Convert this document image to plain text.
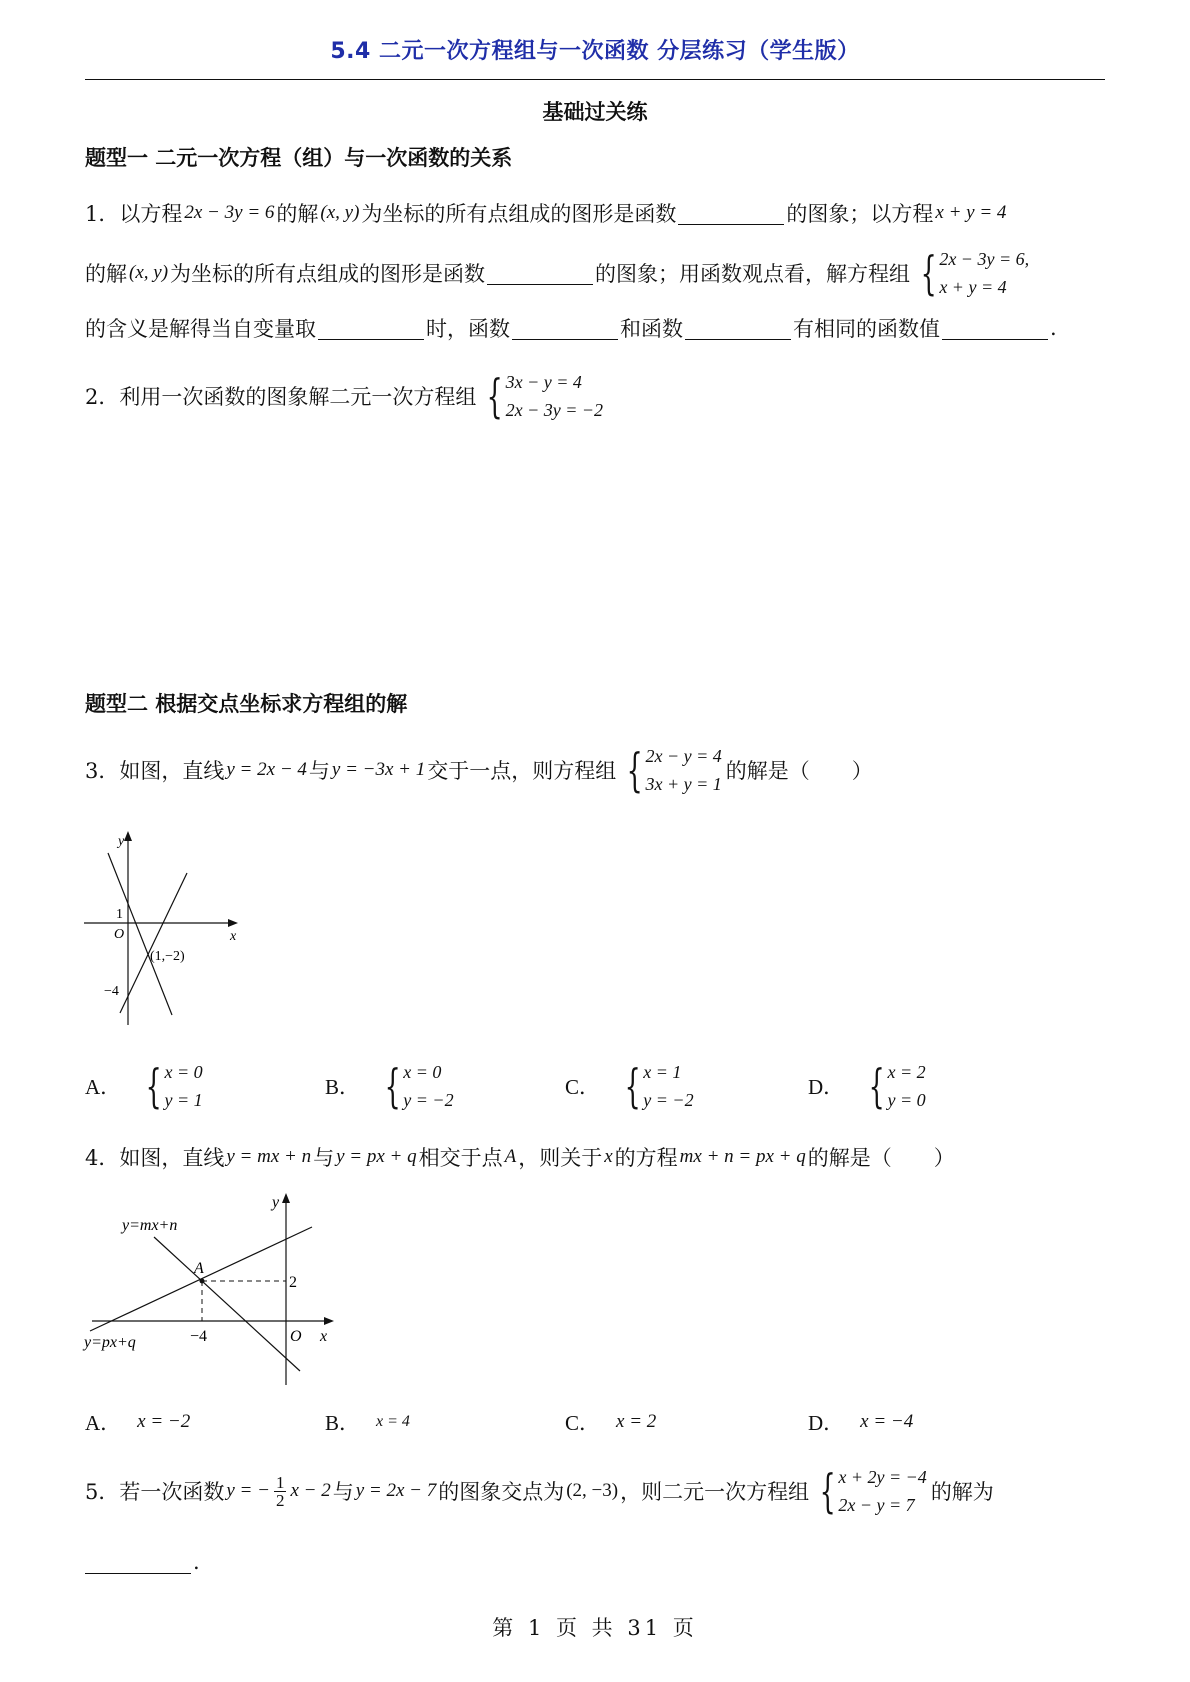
5.4 二元一次方程组与一次函数 分层练习（学生版）
基础过关练
题型一 二元一次方程（组）与一次函数的关系
1．以方程 2x − 3y = 6 的解 (x, y) 为坐标的所有点组成的图形是函数	的图象；以方程 x + y = 4
的解 (x, y) 为坐标的所有点组成的图形是函数	的图象；用函数观点看，解方程组 { 2x − 3y = 6,
x + y = 4
的含义是解得当自变量取	时，函数	和函数	有相同的函数值	.
2．利用一次函数的图象解二元一次方程组 { 3x − y = 4
2x − 3y = −2
题型二 根据交点坐标求方程组的解
3．如图，直线 y = 2x − 4 与 y = −3x + 1 交于一点，则方程组 { 2x − y = 4
3x + y = 1
的解是（　　）
y
x
O
1
−4
(1,−2)
A． { x = 0
y = 1
B． { x = 0
y = −2
C． { x = 1
y = −2
D． { x = 2
y = 0
4．如图，直线 y = mx + n 与 y = px + q 相交于点 A ，则关于 x 的方程 mx + n = px + q 的解是（　　）
y=mx+n
y=px+q
A
y
x
O
2
−4
A． x = −2	B． x = 4	C． x = 2	D． x = −4
5．若一次函数 y = − $\frac{1}{2}$ x − 2 与 y = 2x − 7 的图象交点为 (2, −3) ，则二元一次方程组 { x + 2y = −4
2x − y = 7
的解为
.
第 1 页 共 31 页
